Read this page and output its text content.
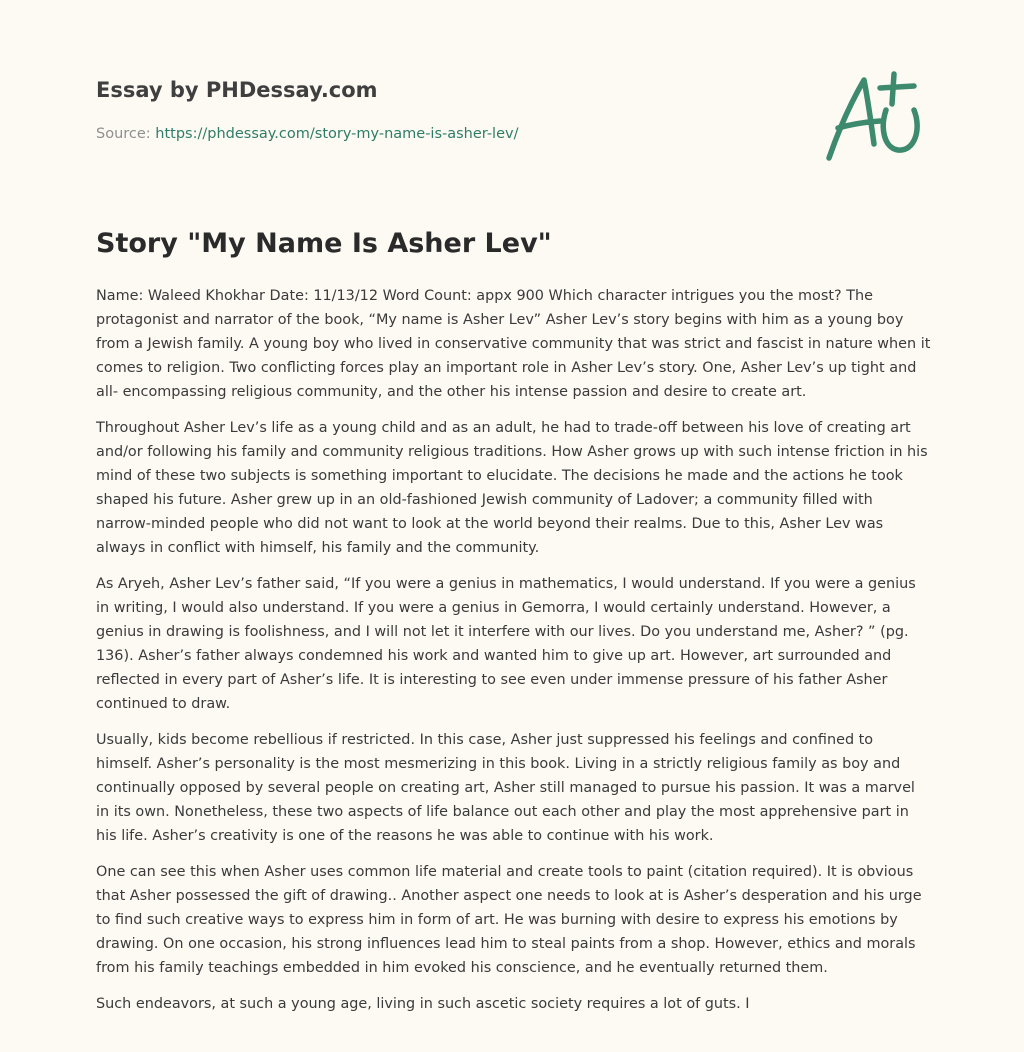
Essay by PHDessay.com
Source: https://phdessay.com/story-my-name-is-asher-lev/
Story "My Name Is Asher Lev"

Name: Waleed Khokhar Date: 11/13/12 Word Count: appx 900 Which character intrigues you the most? The protagonist and narrator of the book, “My name is Asher Lev” Asher Lev’s story begins with him as a young boy from a Jewish family. A young boy who lived in conservative community that was strict and fascist in nature when it comes to religion. Two conflicting forces play an important role in Asher Lev’s story. One, Asher Lev’s up tight and all- encompassing religious community, and the other his intense passion and desire to create art.

Throughout Asher Lev’s life as a young child and as an adult, he had to trade-off between his love of creating art and/or following his family and community religious traditions. How Asher grows up with such intense friction in his mind of these two subjects is something important to elucidate. The decisions he made and the actions he took shaped his future. Asher grew up in an old-fashioned Jewish community of Ladover; a community filled with narrow-minded people who did not want to look at the world beyond their realms. Due to this, Asher Lev was always in conflict with himself, his family and the community.

As Aryeh, Asher Lev’s father said, “If you were a genius in mathematics, I would understand. If you were a genius in writing, I would also understand. If you were a genius in Gemorra, I would certainly understand. However, a genius in drawing is foolishness, and I will not let it interfere with our lives. Do you understand me, Asher? ” (pg. 136). Asher’s father always condemned his work and wanted him to give up art. However, art surrounded and reflected in every part of Asher’s life. It is interesting to see even under immense pressure of his father Asher continued to draw.

Usually, kids become rebellious if restricted. In this case, Asher just suppressed his feelings and confined to himself. Asher’s personality is the most mesmerizing in this book. Living in a strictly religious family as boy and continually opposed by several people on creating art, Asher still managed to pursue his passion. It was a marvel in its own. Nonetheless, these two aspects of life balance out each other and play the most apprehensive part in his life. Asher’s creativity is one of the reasons he was able to continue with his work.

One can see this when Asher uses common life material and create tools to paint (citation required). It is obvious that Asher possessed the gift of drawing.. Another aspect one needs to look at is Asher’s desperation and his urge to find such creative ways to express him in form of art. He was burning with desire to express his emotions by drawing. On one occasion, his strong influences lead him to steal paints from a shop. However, ethics and morals from his family teachings embedded in him evoked his conscience, and he eventually returned them.

Such endeavors, at such a young age, living in such ascetic society requires a lot of guts. I
